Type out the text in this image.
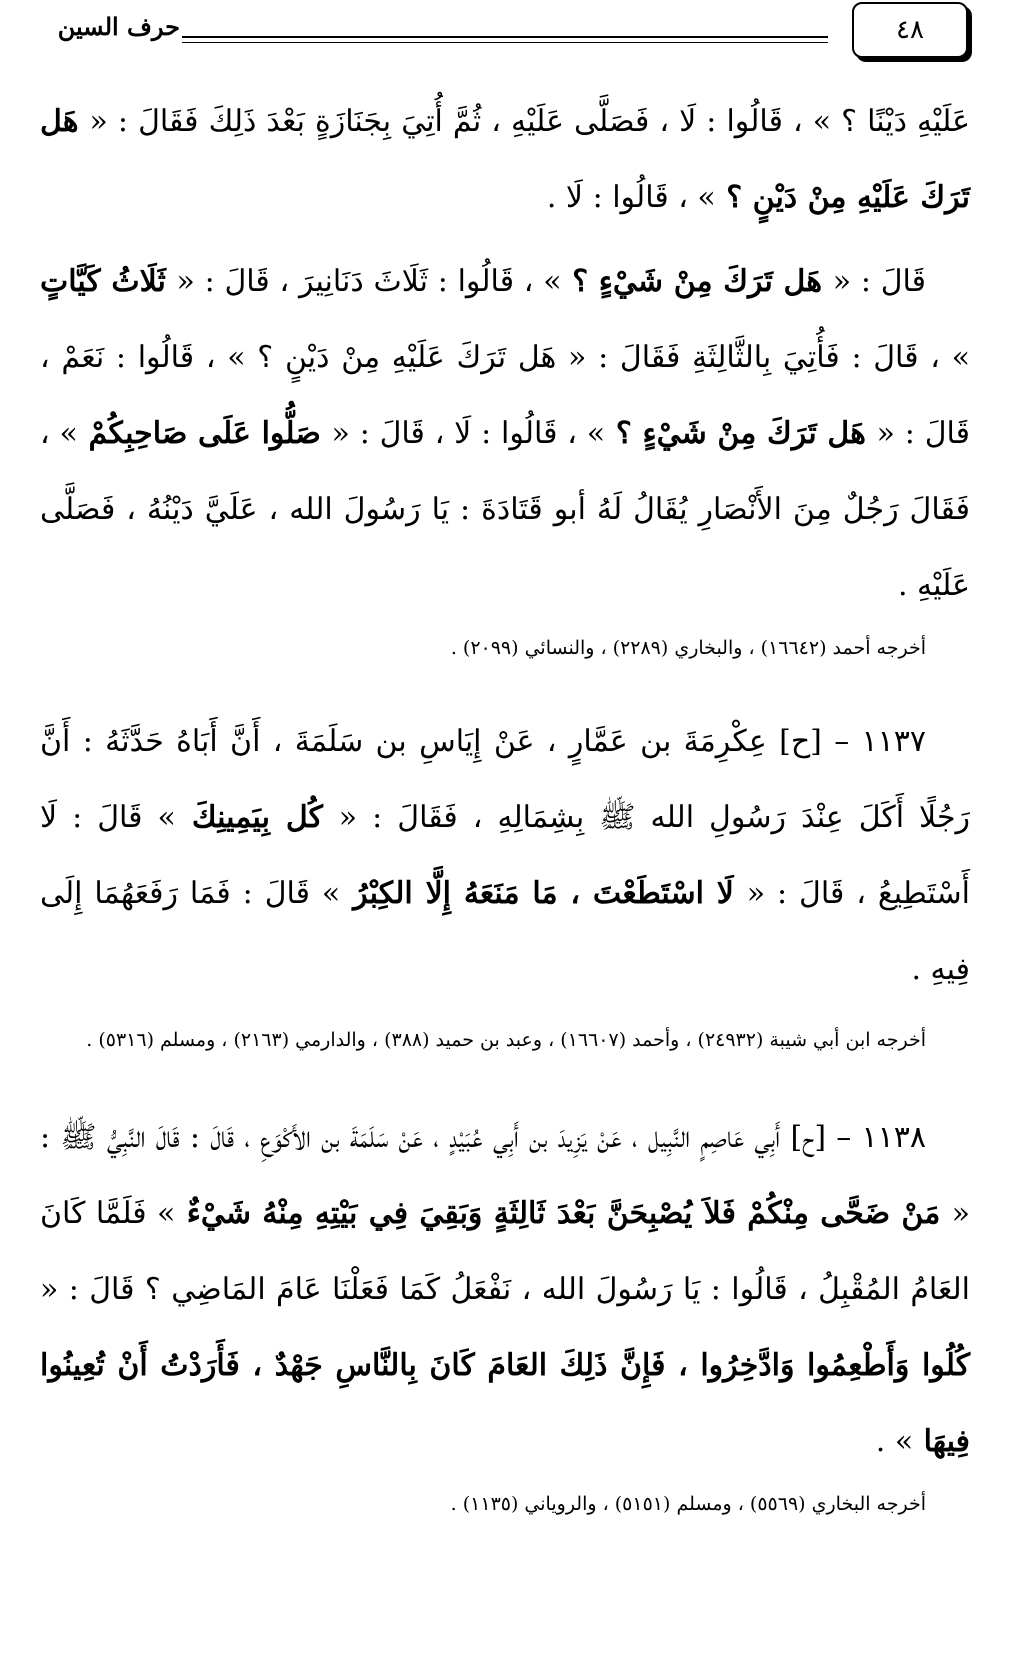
٤٨
حرف السين

عَلَيْهِ دَيْنًا ؟ » ، قَالُوا : لَا ، فَصَلَّى عَلَيْهِ ، ثُمَّ أُتِيَ بِجَنَازَةٍ بَعْدَ ذَلِكَ فَقَالَ : « هَل تَرَكَ عَلَيْهِ مِنْ دَيْنٍ ؟ » ، قَالُوا : لَا .

قَالَ : « هَل تَرَكَ مِنْ شَيْءٍ ؟ » ، قَالُوا : ثَلَاثَ دَنَانِيرَ ، قَالَ : « ثَلَاثُ كَيَّاتٍ » ، قَالَ : فَأُتِيَ بِالثَّالِثَةِ فَقَالَ : « هَل تَرَكَ عَلَيْهِ مِنْ دَيْنٍ ؟ » ، قَالُوا : نَعَمْ ، قَالَ : « هَل تَرَكَ مِنْ شَيْءٍ ؟ » ، قَالُوا : لَا ، قَالَ : « صَلُّوا عَلَى صَاحِبِكُمْ » ، فَقَالَ رَجُلٌ مِنَ الأَنْصَارِ يُقَالُ لَهُ أبو قَتَادَةَ : يَا رَسُولَ الله ، عَلَيَّ دَيْنُهُ ، فَصَلَّى عَلَيْهِ .

أخرجه أحمد (١٦٦٤٢) ، والبخاري (٢٢٨٩) ، والنسائي (٢٠٩٩) .

١١٣٧ – [ح] عِكْرِمَةَ بن عَمَّارٍ ، عَنْ إِيَاسِ بن سَلَمَةَ ، أَنَّ أَبَاهُ حَدَّثَهُ : أَنَّ رَجُلًا أَكَلَ عِنْدَ رَسُولِ الله ﷺ بِشِمَالِهِ ، فَقَالَ : « كُل بِيَمِينِكَ » قَالَ : لَا أَسْتَطِيعُ ، قَالَ : « لَا اسْتَطَعْتَ ، مَا مَنَعَهُ إِلَّا الكِبْرُ » قَالَ : فَمَا رَفَعَهُمَا إِلَى فِيهِ .

أخرجه ابن أبي شيبة (٢٤٩٣٢) ، وأحمد (١٦٦٠٧) ، وعبد بن حميد (٣٨٨) ، والدارمي (٢١٦٣) ، ومسلم (٥٣١٦) .

١١٣٨ – [ح] أَبِي عَاصِمٍ النَّبِيل ، عَنْ يَزِيدَ بن أَبِي عُبَيْدٍ ، عَنْ سَلَمَةَ بن الأَكْوَعِ ، قَالَ : قَالَ النَّبِيُّ ﷺ : « مَنْ ضَحَّى مِنْكُمْ فَلاَ يُصْبِحَنَّ بَعْدَ ثَالِثَةٍ وَبَقِيَ فِي بَيْتِهِ مِنْهُ شَيْءٌ » فَلَمَّا كَانَ العَامُ المُقْبِلُ ، قَالُوا : يَا رَسُولَ الله ، نَفْعَلُ كَمَا فَعَلْنَا عَامَ المَاضِي ؟ قَالَ : « كُلُوا وَأَطْعِمُوا وَادَّخِرُوا ، فَإِنَّ ذَلِكَ العَامَ كَانَ بِالنَّاسِ جَهْدٌ ، فَأَرَدْتُ أَنْ تُعِينُوا فِيهَا » .

أخرجه البخاري (٥٥٦٩) ، ومسلم (٥١٥١) ، والروياني (١١٣٥) .
